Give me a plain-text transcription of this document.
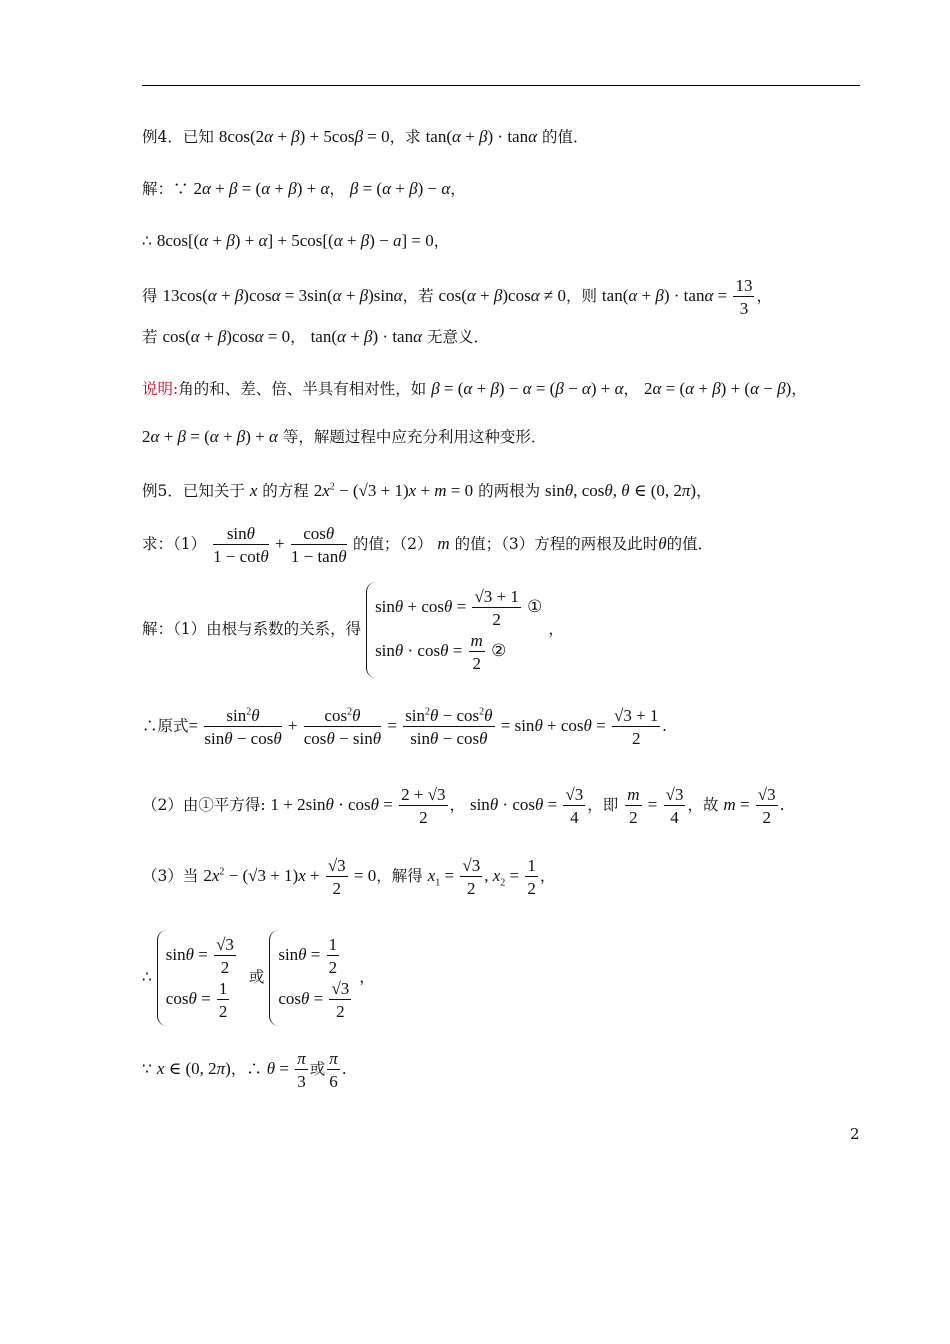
例4．已知 8cos(2α + β) + 5cosβ = 0，求 tan(α + β) · tanα 的值．
解：∵ 2α + β = (α + β) + α， β = (α + β) − α，
∴ 8cos[(α + β) + α] + 5cos[(α + β) − a] = 0，
得 13cos(α + β)cosα = 3sin(α + β)sinα，若 cos(α + β)cosα ≠ 0，则 $\tan(\alpha + \beta) \cdot \tan\alpha = \frac{13}{3}$ ，
若 cos(α + β)cosα = 0， tan(α + β) · tanα 无意义．
说明:角的和、差、倍、半具有相对性，如 β = (α + β) − α = (β − α) + α， 2α = (α + β) + (α − β)，
2α + β = (α + β) + α 等，解题过程中应充分利用这种变形．
例5．已知关于 x 的方程 $2x^2 - (√3 + 1)x + m = 0$ 的两根为 sinθ, cosθ, θ ∈ (0, 2π)，
求：$(1) \frac{\sin\theta}{1 - \cot\theta} + \frac{\cos\theta}{1 - \tan\theta}$ 的值；（2） m 的值；（3）方程的两根及此时θ的值．
解：（1）由根与系数的关系，得
$\sin\theta + \cos\theta = \frac{√3 + 1}{2}$ ①
$\sin\theta \cdot \cos\theta = \frac{m}{2}$ ②
，
∴原式= $\frac{\sin^2\theta}{\sin\theta - \cos\theta} + \frac{\cos^2\theta}{\cos\theta - \sin\theta} = \frac{\sin^2\theta - \cos^2\theta}{\sin\theta - \cos\theta} = \sin\theta + \cos\theta = \frac{√3 + 1}{2}$ .
（2）由①平方得: $1 + 2\sin\theta \cdot \cos\theta = \frac{2 + √3}{2}$ ， $\sin\theta \cdot \cos\theta = \frac{√3}{4}$ ，即 $\frac{m}{2} = \frac{√3}{4}$ ，故 $m = \frac{√3}{2}$ .
（3）当 $2x^2 - (√3 + 1)x + \frac{√3}{2} = 0$，解得 $x_1 = \frac{√3}{2}$ , $x_2 = \frac{1}{2}$ ，
∴
$\sin\theta = \frac{√3}{2}$
$\cos\theta = \frac{1}{2}$
或
$\sin\theta = \frac{1}{2}$
$\cos\theta = \frac{√3}{2}$
，
∵ x ∈ (0, 2π)，∴ $\theta = \frac{\pi}{3}$ 或 $\frac{\pi}{6}$ .
2
